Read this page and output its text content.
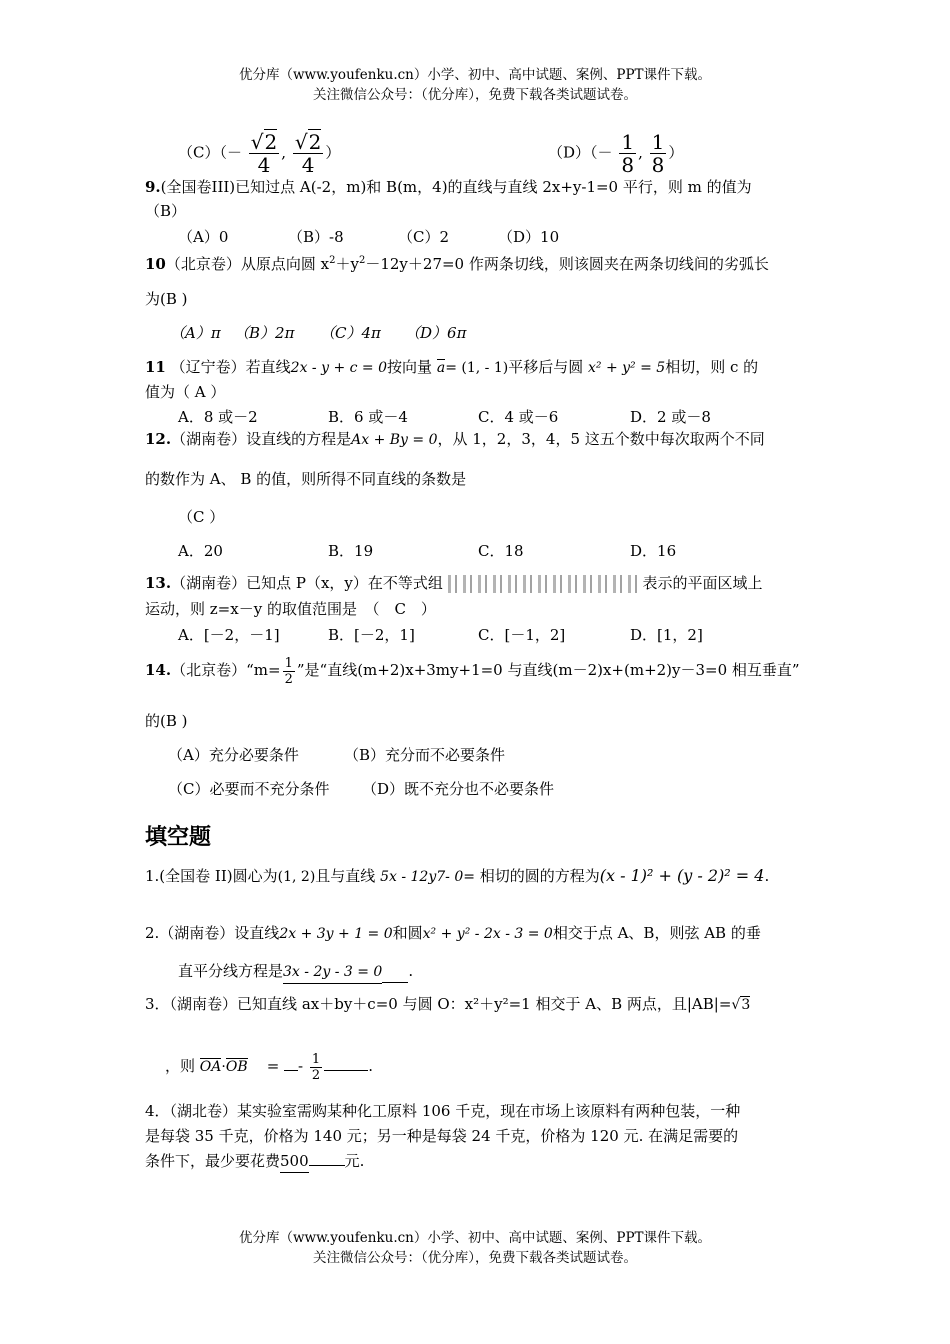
优分库（www.youfenku.cn）小学、初中、高中试题、案例、PPT课件下载。
关注微信公众号：（优分库），免费下载各类试题试卷。
$(C)(- \frac{√2}{4}$ , $\frac{√2}{4}$ ）	$(D)(- \frac{1}{8}$ , $\frac{1}{8}$ ）
9.(全国卷III)已知过点 A(-2，m)和 B(m，4)的直线与直线 2x+y-1=0 平行，则 m 的值为
（B）
（A）0	（B）-8	（C）2	（D）10
10（北京卷）从原点向圆 $x^2+y^2-12y+27=0$ 作两条切线，则该圆夹在两条切线间的劣弧长
为(B )
（A）π （B）2π （C）4π （D）6π
11 （辽宁卷）若直线2x - y + c = 0按向量 a= (1, - 1)平移后与圆 x² + y² = 5相切，则 c 的
值为（ A ）
A．8 或－2	B．6 或－4	C．4 或－6	D．2 或－8
12.（湖南卷）设直线的方程是Ax + By = 0，从 1，2，3，4，5 这五个数中每次取两个不同
的数作为 A、 B 的值，则所得不同直线的条数是
（C ）
A．20	B．19	C．18	D．16
13.（湖南卷）已知点 P（x，y）在不等式组	表示的平面区域上
运动，则 z=x－y 的取值范围是　（　C　）
A．[－2，－1]	B．[－2，1]	C．[－1，2]	D．[1，2]
14.（北京卷）“m= $\frac{1}{2}$ ”是“直线(m+2)x+3my+1=0 与直线(m－2)x+(m+2)y－3=0 相互垂直”
的(B )
（A）充分必要条件	（B）充分而不必要条件
（C）必要而不充分条件 （D）既不充分也不必要条件
填空题
1.(全国卷 II)圆心为(1, 2)且与直线 5x - 12y7- 0= 相切的圆的方程为(x - 1)² + (y - 2)² = 4.
2.（湖南卷）设直线2x + 3y + 1 = 0和圆x² + y² - 2x - 3 = 0相交于点 A、B，则弦 AB 的垂
直平分线方程是3x - 2y - 3 = 0 .
3．（湖南卷）已知直线 ax＋by＋c=0 与圆 O：x²＋y²=1 相交于 A、B 两点，且|AB|=√3
，则 OA·OB = - $\frac{1}{2}$	.
4．（湖北卷）某实验室需购某种化工原料 106 千克，现在市场上该原料有两种包装，一种
是每袋 35 千克，价格为 140 元；另一种是每袋 24 千克，价格为 120 元. 在满足需要的
条件下，最少要花费500 元.
优分库（www.youfenku.cn）小学、初中、高中试题、案例、PPT课件下载。
关注微信公众号：（优分库），免费下载各类试题试卷。
